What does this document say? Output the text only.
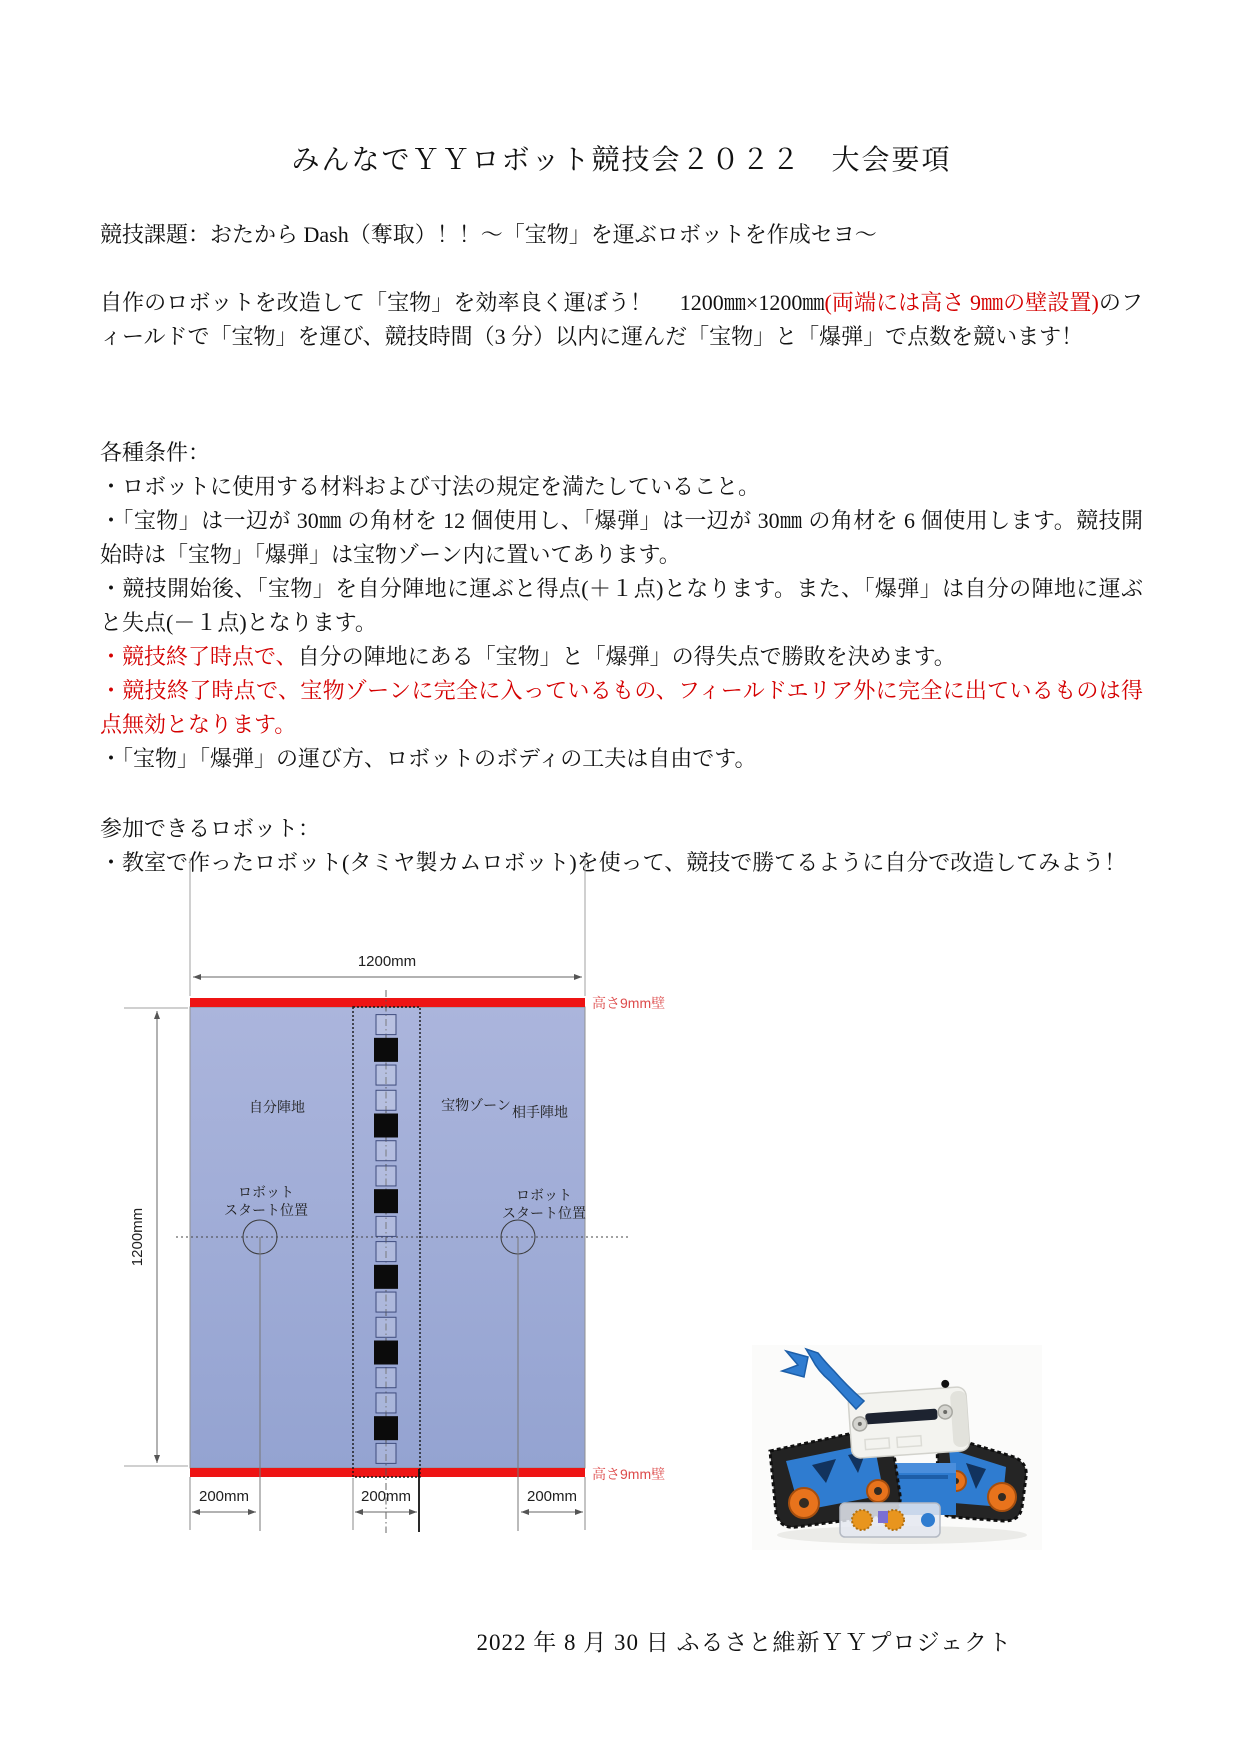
みんなでＹＹロボット競技会２０２２　大会要項

競技課題：おたから Dash（奪取）！！～「宝物」を運ぶロボットを作成セヨ～

自作のロボットを改造して「宝物」を効率良く運ぼう！　 1200㎜×1200㎜(両端には高さ 9㎜の壁設置)のフィールドで「宝物」を運び、競技時間（3 分）以内に運んだ「宝物」と「爆弾」で点数を競います！

各種条件：

・ロボットに使用する材料および寸法の規定を満たしていること。

・「宝物」は一辺が 30㎜ の角材を 12 個使用し、「爆弾」は一辺が 30㎜ の角材を 6 個使用します。競技開始時は「宝物」「爆弾」は宝物ゾーン内に置いてあります。

・競技開始後、「宝物」を自分陣地に運ぶと得点(＋１点)となります。また、「爆弾」は自分の陣地に運ぶと失点(－１点)となります。

・競技終了時点で、自分の陣地にある「宝物」と「爆弾」の得失点で勝敗を決めます。

・競技終了時点で、宝物ゾーンに完全に入っているもの、フィールドエリア外に完全に出ているものは得点無効となります。

・「宝物」「爆弾」の運び方、ロボットのボディの工夫は自由です。

参加できるロボット：

・教室で作ったロボット(タミヤ製カムロボット)を使って、競技で勝てるように自分で改造してみよう！

1200mm
1200mm
高さ9mm壁
高さ9mm壁
自分陣地	宝物ゾーン 相手陣地
ロボット
スタート位置
ロボット
スタート位置
200mm	200mm	200mm
2022 年 8 月 30 日 ふるさと維新ＹＹプロジェクト
